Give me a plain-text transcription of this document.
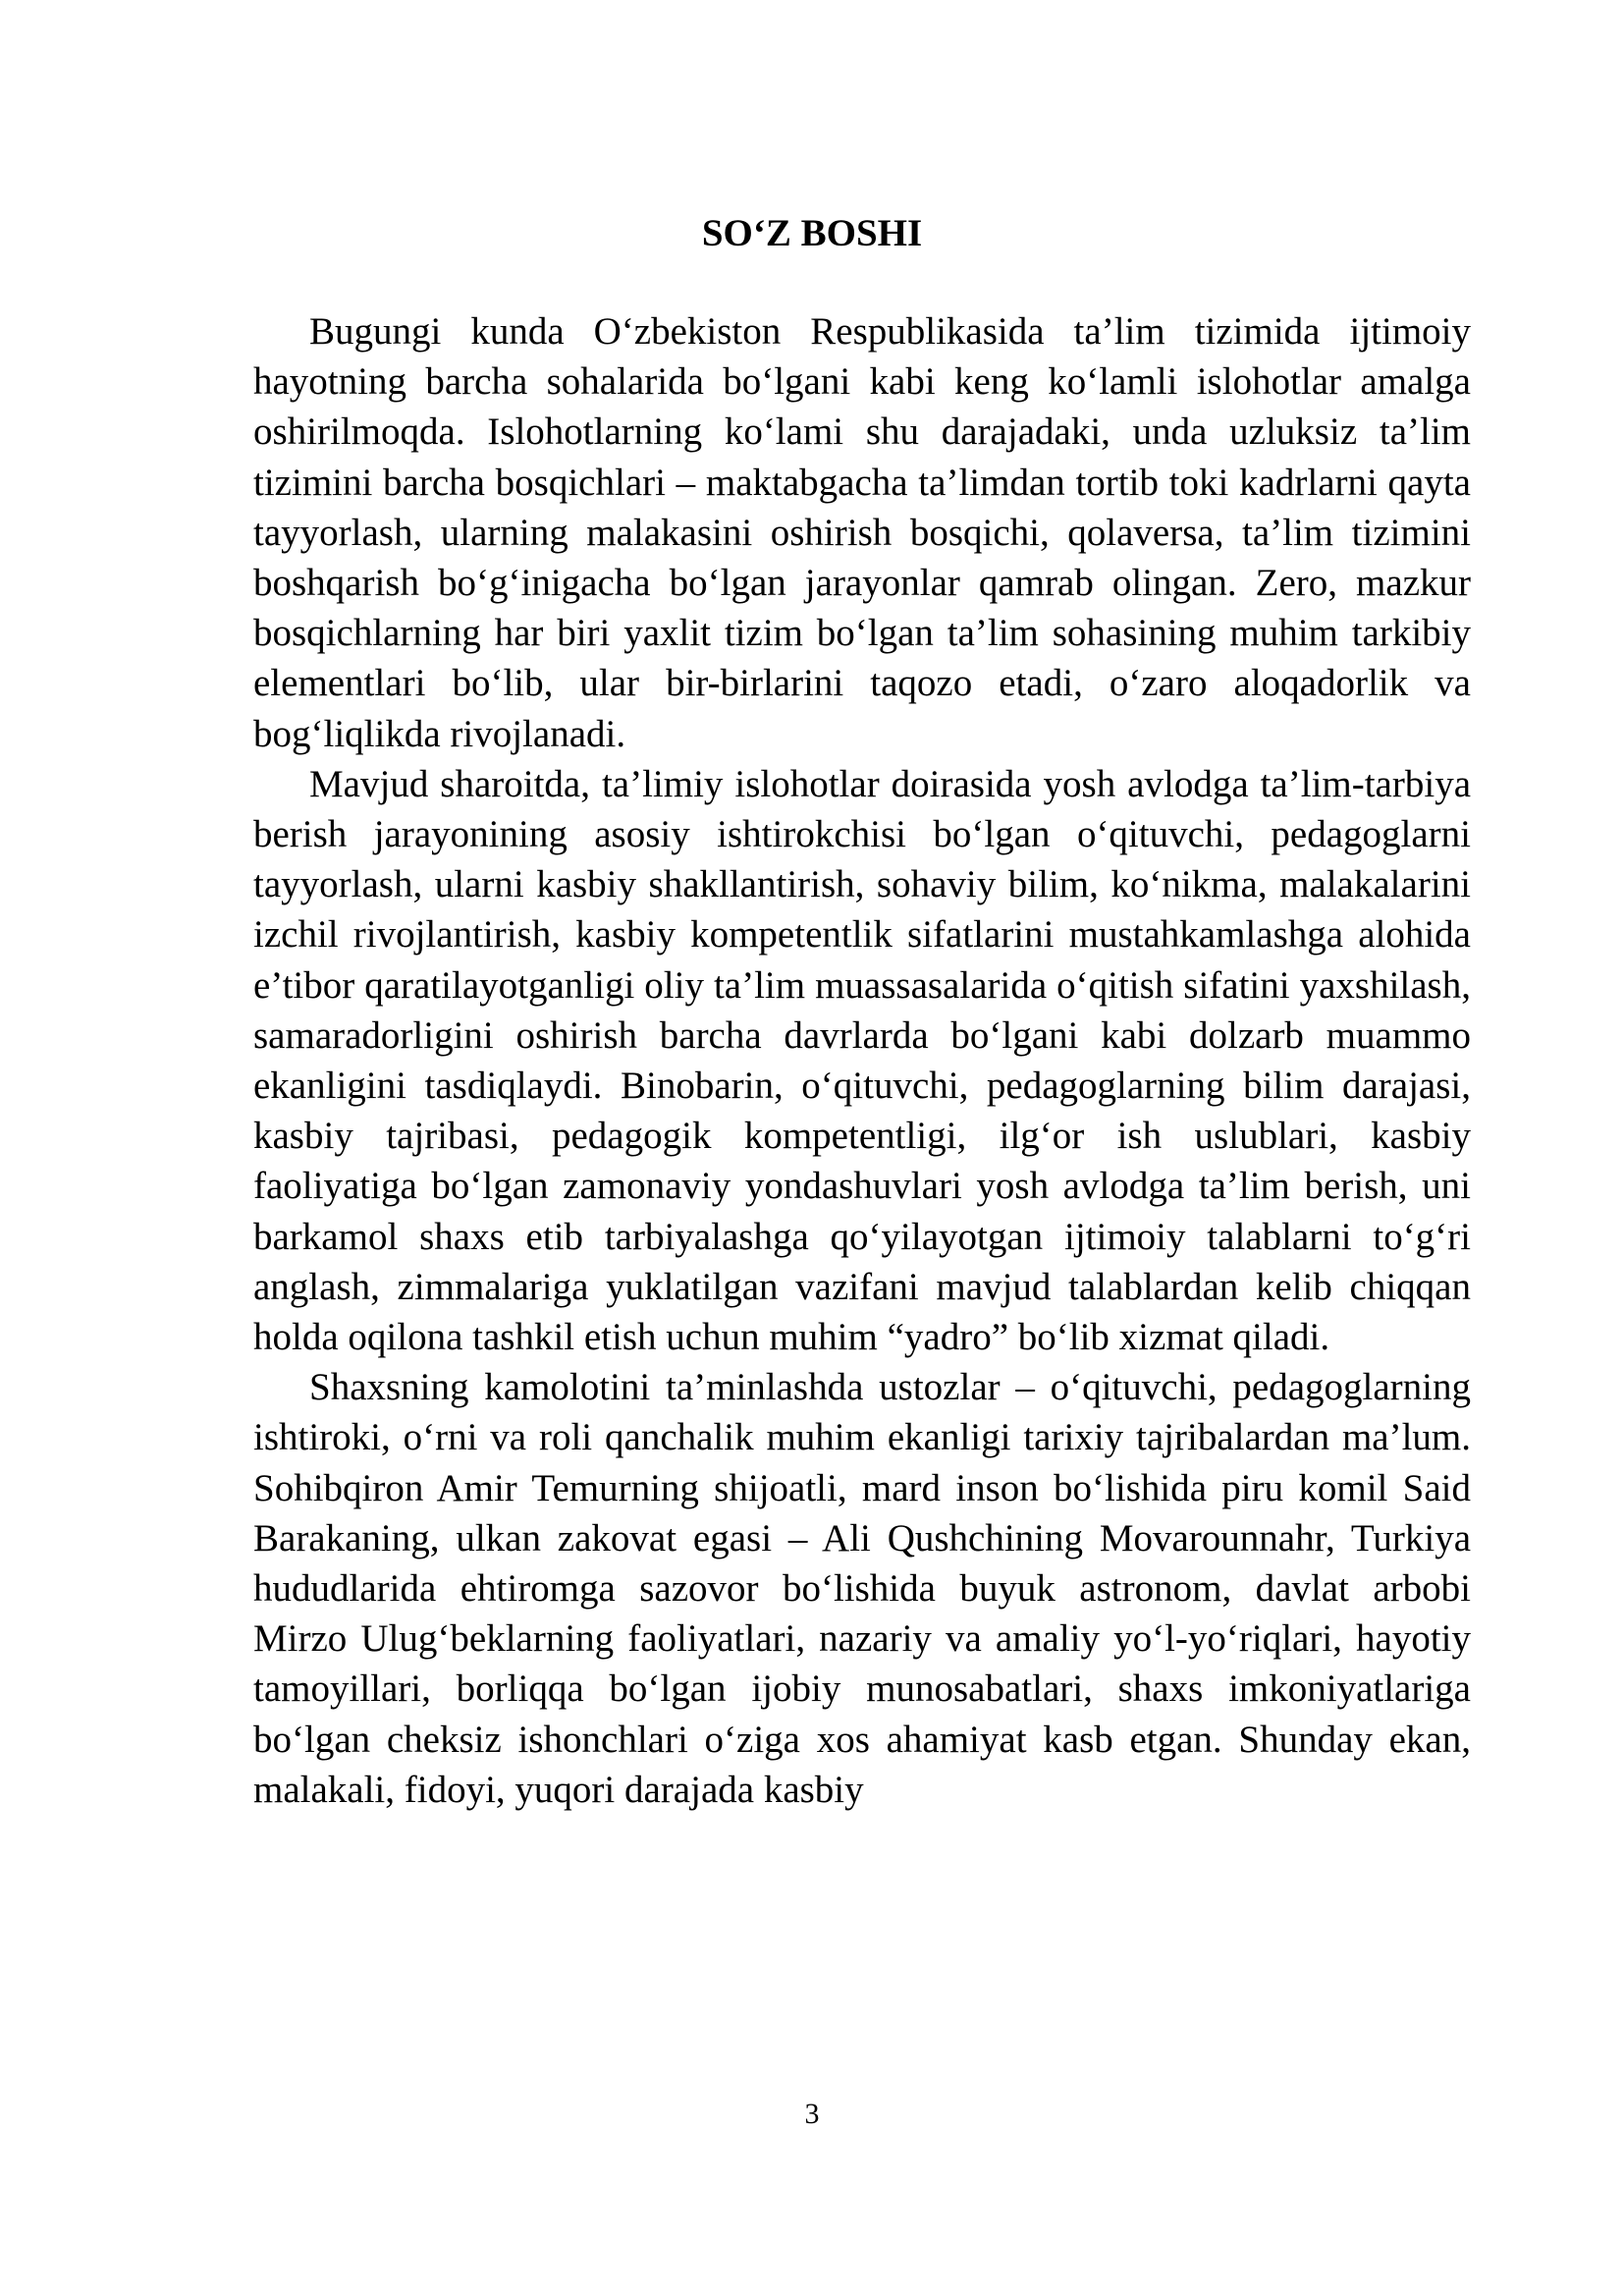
SO‘Z BOSHI

Bugungi kunda O‘zbekiston Respublikasida ta’lim tizimida ijtimoiy hayotning barcha sohalarida bo‘lgani kabi keng ko‘lamli islohotlar amalga oshirilmoqda. Islohotlarning ko‘lami shu darajadaki, unda uzluksiz ta’lim tizimini barcha bosqichlari – maktabgacha ta’limdan tortib toki kadrlarni qayta tayyorlash, ularning malakasini oshirish bosqichi, qolaversa, ta’lim tizimini boshqarish bo‘g‘inigacha bo‘lgan jarayonlar qamrab olingan. Zero, mazkur bosqichlarning har biri yaxlit tizim bo‘lgan ta’lim sohasining muhim tarkibiy elementlari bo‘lib, ular bir-birlarini taqozo etadi, o‘zaro aloqadorlik va bog‘liqlikda rivojlanadi.

Mavjud sharoitda, ta’limiy islohotlar doirasida yosh avlodga ta’lim-tarbiya berish jarayonining asosiy ishtirokchisi bo‘lgan o‘qituvchi, pedagoglarni tayyorlash, ularni kasbiy shakllantirish, sohaviy bilim, ko‘nikma, malakalarini izchil rivojlantirish, kasbiy kompetentlik sifatlarini mustahkamlashga alohida e’tibor qaratilayotganligi oliy ta’lim muassasalarida o‘qitish sifatini yaxshilash, samaradorligini oshirish barcha davrlarda bo‘lgani kabi dolzarb muammo ekanligini tasdiqlaydi. Binobarin, o‘qituvchi, pedagoglarning bilim darajasi, kasbiy tajribasi, pedagogik kompetentligi, ilg‘or ish uslublari, kasbiy faoliyatiga bo‘lgan zamonaviy yondashuvlari yosh avlodga ta’lim berish, uni barkamol shaxs etib tarbiyalashga qo‘yilayotgan ijtimoiy talablarni to‘g‘ri anglash, zimmalariga yuklatilgan vazifani mavjud talablardan kelib chiqqan holda oqilona tashkil etish uchun muhim “yadro” bo‘lib xizmat qiladi.

Shaxsning kamolotini ta’minlashda ustozlar – o‘qituvchi, pedagoglarning ishtiroki, o‘rni va roli qanchalik muhim ekanligi tarixiy tajribalardan ma’lum. Sohibqiron Amir Temurning shijoatli, mard inson bo‘lishida piru komil Said Barakaning, ulkan zakovat egasi – Ali Qushchining Movarounnahr, Turkiya hududlarida ehtiromga sazovor bo‘lishida buyuk astronom, davlat arbobi Mirzo Ulug‘beklarning faoliyatlari, nazariy va amaliy yo‘l-yo‘riqlari, hayotiy tamoyillari, borliqqa bo‘lgan ijobiy munosabatlari, shaxs imkoniyatlariga bo‘lgan cheksiz ishonchlari o‘ziga xos ahamiyat kasb etgan. Shunday ekan, malakali, fidoyi, yuqori darajada kasbiy

3
